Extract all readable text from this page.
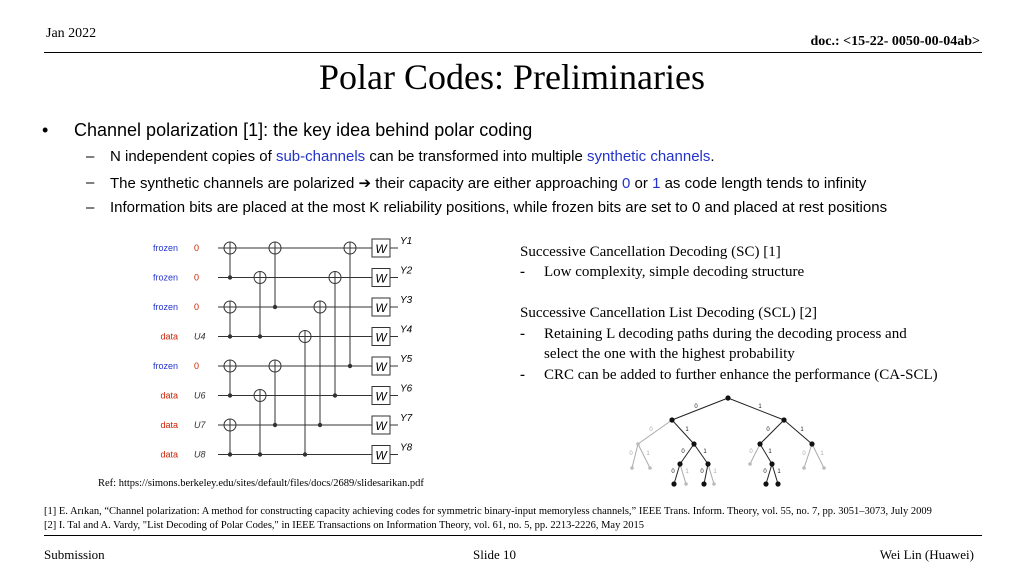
Jan 2022
doc.: <15-22- 0050-00-04ab>
Polar Codes: Preliminaries
• Channel polarization [1]: the key idea behind polar coding
– N independent copies of sub-channels can be transformed into multiple synthetic channels.
– The synthetic channels are polarized ➔ their capacity are either approaching 0 or 1 as code length tends to infinity
– Information bits are placed at the most K reliability positions, while frozen bits are set to 0 and placed at rest positions
W
W
W
W
W
W
W
W
Y1
frozen 0
Y2
frozen 0
Y3
frozen 0
Y4
data U4
Y5
frozen 0
Y6
data U6
Y7
data U7
Y8
data U8
Ref: https://simons.berkeley.edu/sites/default/files/docs/2689/slidesarikan.pdf
Successive Cancellation Decoding (SC) [1]
- Low complexity, simple decoding structure
Successive Cancellation List Decoding (SCL) [2]
- Retaining L decoding paths during the decoding process and
select the one with the highest probability
- CRC can be added to further enhance the performance (CA-SCL)
0	1
0	1	0	1
0	1	0	1
0 1	0 1
0 1 0 1	0 1
[1] E. Arıkan, “Channel polarization: A method for constructing capacity achieving codes for symmetric binary-input memoryless channels,” IEEE Trans. Inform. Theory, vol. 55, no. 7, pp. 3051–3073, July 2009
[2] I. Tal and A. Vardy, "List Decoding of Polar Codes," in IEEE Transactions on Information Theory, vol. 61, no. 5, pp. 2213-2226, May 2015
Submission	Slide 10	Wei Lin (Huawei)
